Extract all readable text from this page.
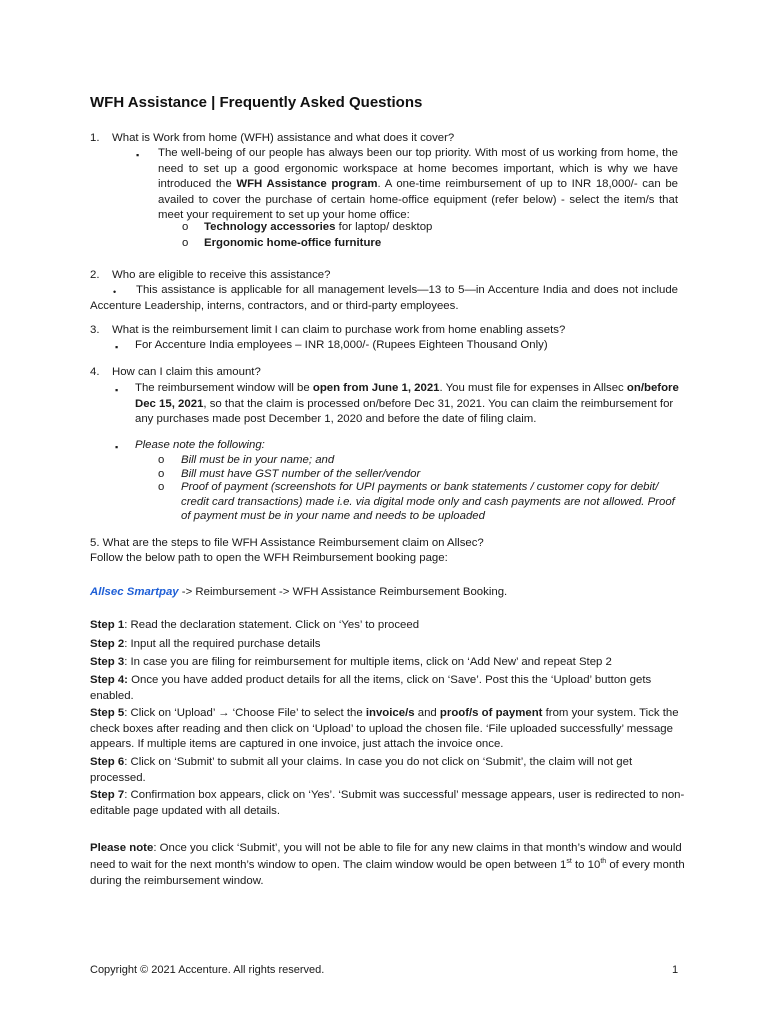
WFH Assistance | Frequently Asked Questions
1. What is Work from home (WFH) assistance and what does it cover?
▪ The well-being of our people has always been our top priority. With most of us working from home, the need to set up a good ergonomic workspace at home becomes important, which is why we have introduced the WFH Assistance program. A one-time reimbursement of up to INR 18,000/- can be availed to cover the purchase of certain home-office equipment (refer below) - select the item/s that meet your requirement to set up your home office:
o Technology accessories for laptop/ desktop
o Ergonomic home-office furniture
2. Who are eligible to receive this assistance?
•	This assistance is applicable for all management levels—13 to 5—in Accenture India and does not include Accenture Leadership, interns, contractors, and or third-party employees.
3. What is the reimbursement limit I can claim to purchase work from home enabling assets?
▪ For Accenture India employees – INR 18,000/- (Rupees Eighteen Thousand Only)
4. How can I claim this amount?
▪ The reimbursement window will be open from June 1, 2021. You must file for expenses in Allsec on/before Dec 15, 2021, so that the claim is processed on/before Dec 31, 2021. You can claim the reimbursement for any purchases made post December 1, 2020 and before the date of filing claim.
▪ Please note the following:
o Bill must be in your name; and
o Bill must have GST number of the seller/vendor
o Proof of payment (screenshots for UPI payments or bank statements / customer copy for debit/ credit card transactions) made i.e. via digital mode only and cash payments are not allowed. Proof of payment must be in your name and needs to be uploaded
5. What are the steps to file WFH Assistance Reimbursement claim on Allsec?
Follow the below path to open the WFH Reimbursement booking page:
Allsec Smartpay -> Reimbursement -> WFH Assistance Reimbursement Booking.
Step 1: Read the declaration statement. Click on ‘Yes’ to proceed
Step 2: Input all the required purchase details
Step 3: In case you are filing for reimbursement for multiple items, click on ‘Add New’ and repeat Step 2
Step 4: Once you have added product details for all the items, click on ‘Save’. Post this the ‘Upload’ button gets enabled.
Step 5: Click on ‘Upload’ → ‘Choose File’ to select the invoice/s and proof/s of payment from your system. Tick the check boxes after reading and then click on ‘Upload’ to upload the chosen file. ‘File uploaded successfully’ message appears. If multiple items are captured in one invoice, just attach the invoice once.
Step 6: Click on ‘Submit’ to submit all your claims. In case you do not click on ‘Submit’, the claim will not get processed.
Step 7: Confirmation box appears, click on ‘Yes’. ‘Submit was successful’ message appears, user is redirected to non-editable page updated with all details.
Please note: Once you click ‘Submit’, you will not be able to file for any new claims in that month’s window and would need to wait for the next month’s window to open. The claim window would be open between 1st to 10th of every month during the reimbursement window.
Copyright © 2021 Accenture. All rights reserved.	1
